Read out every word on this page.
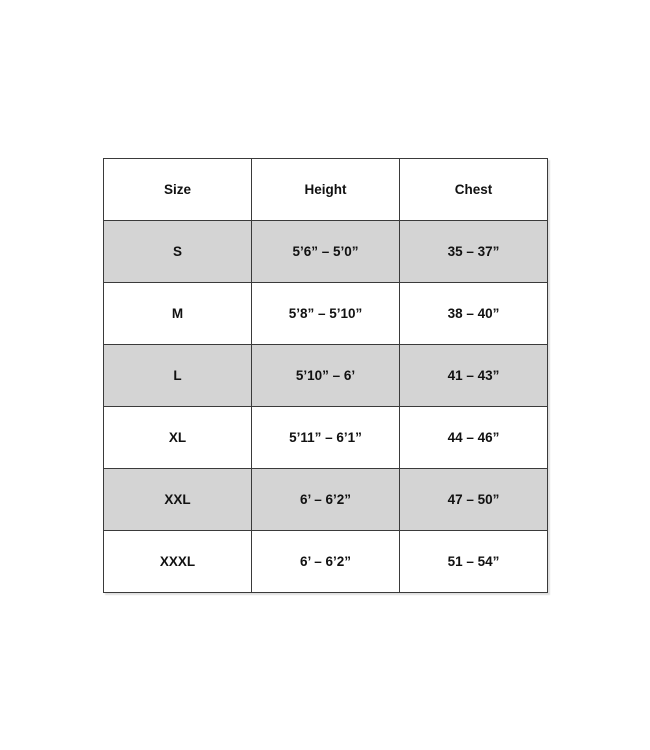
Size	Height	Chest
S	5’6” – 5’0”	35 – 37”
M	5’8” – 5’10”	38 – 40”
L	5’10” – 6’	41 – 43”
XL	5’11” – 6’1”	44 – 46”
XXL	6’ – 6’2”	47 – 50”
XXXL	6’ – 6’2”	51 – 54”
